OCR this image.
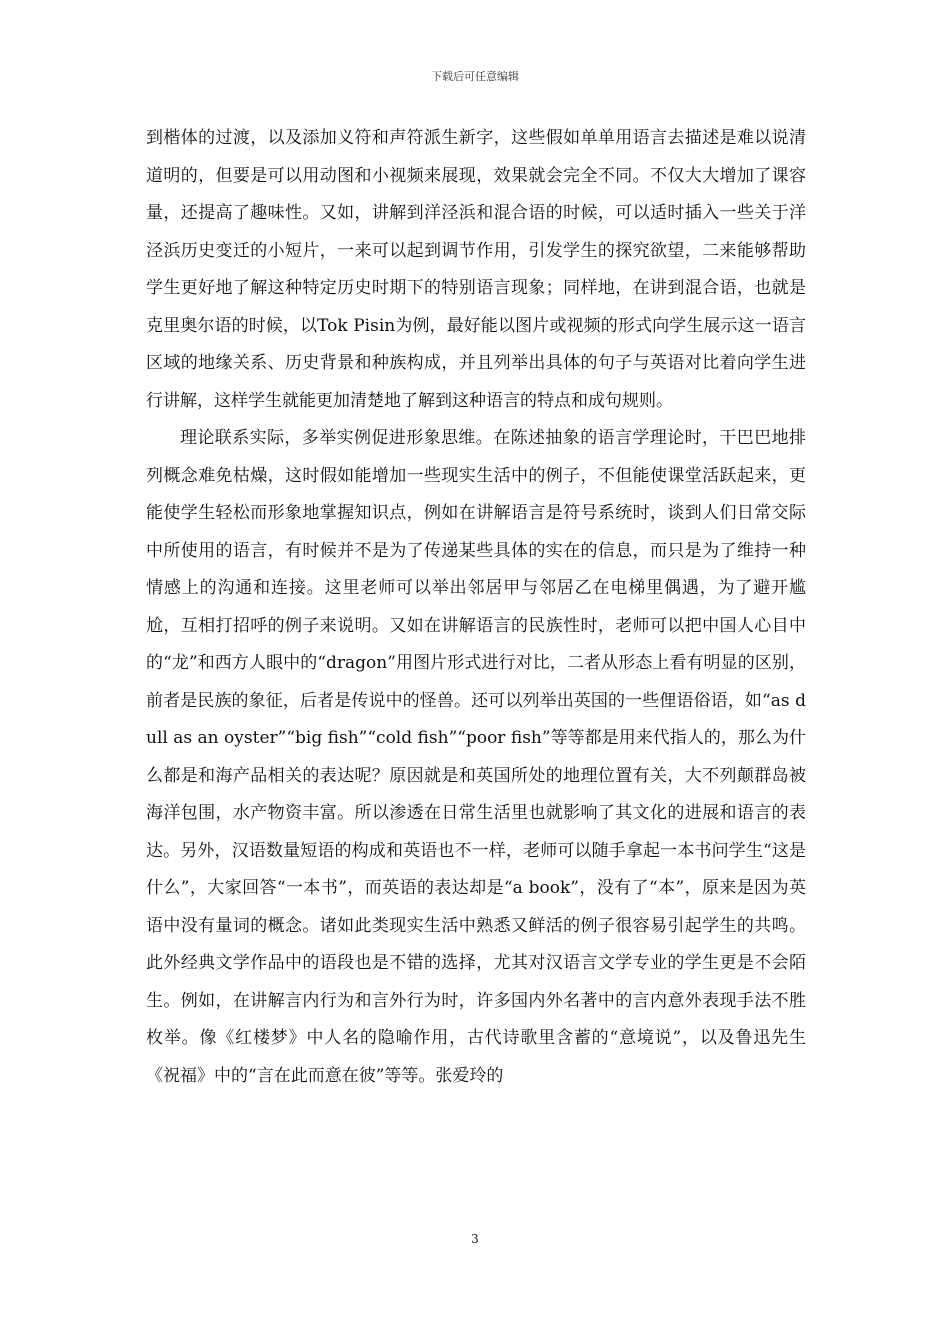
下载后可任意编辑

到楷体的过渡，以及添加义符和声符派生新字，这些假如单单用语言去描述是难以说清道明的，但要是可以用动图和小视频来展现，效果就会完全不同。不仅大大增加了课容量，还提高了趣味性。又如，讲解到洋泾浜和混合语的时候，可以适时插入一些关于洋泾浜历史变迁的小短片，一来可以起到调节作用，引发学生的探究欲望，二来能够帮助学生更好地了解这种特定历史时期下的特别语言现象；同样地，在讲到混合语，也就是克里奥尔语的时候，以Tok Pisin为例，最好能以图片或视频的形式向学生展示这一语言区域的地缘关系、历史背景和种族构成，并且列举出具体的句子与英语对比着向学生进行讲解，这样学生就能更加清楚地了解到这种语言的特点和成句规则。

理论联系实际，多举实例促进形象思维。在陈述抽象的语言学理论时，干巴巴地排列概念难免枯燥，这时假如能增加一些现实生活中的例子，不但能使课堂活跃起来，更能使学生轻松而形象地掌握知识点，例如在讲解语言是符号系统时，谈到人们日常交际中所使用的语言，有时候并不是为了传递某些具体的实在的信息，而只是为了维持一种情感上的沟通和连接。这里老师可以举出邻居甲与邻居乙在电梯里偶遇，为了避开尴尬，互相打招呼的例子来说明。又如在讲解语言的民族性时，老师可以把中国人心目中的“龙”和西方人眼中的“dragon”用图片形式进行对比，二者从形态上看有明显的区别，前者是民族的象征，后者是传说中的怪兽。还可以列举出英国的一些俚语俗语，如“as dull as an oyster”“big fish”“cold fish”“poor fish”等等都是用来代指人的，那么为什么都是和海产品相关的表达呢？原因就是和英国所处的地理位置有关，大不列颠群岛被海洋包围，水产物资丰富。所以渗透在日常生活里也就影响了其文化的进展和语言的表达。另外，汉语数量短语的构成和英语也不一样，老师可以随手拿起一本书问学生“这是什么”，大家回答“一本书”，而英语的表达却是“a book”，没有了“本”，原来是因为英语中没有量词的概念。诸如此类现实生活中熟悉又鲜活的例子很容易引起学生的共鸣。此外经典文学作品中的语段也是不错的选择，尤其对汉语言文学专业的学生更是不会陌生。例如，在讲解言内行为和言外行为时，许多国内外名著中的言内意外表现手法不胜枚举。像《红楼梦》中人名的隐喻作用，古代诗歌里含蓄的“意境说”，以及鲁迅先生《祝福》中的“言在此而意在彼”等等。张爱玲的

3
